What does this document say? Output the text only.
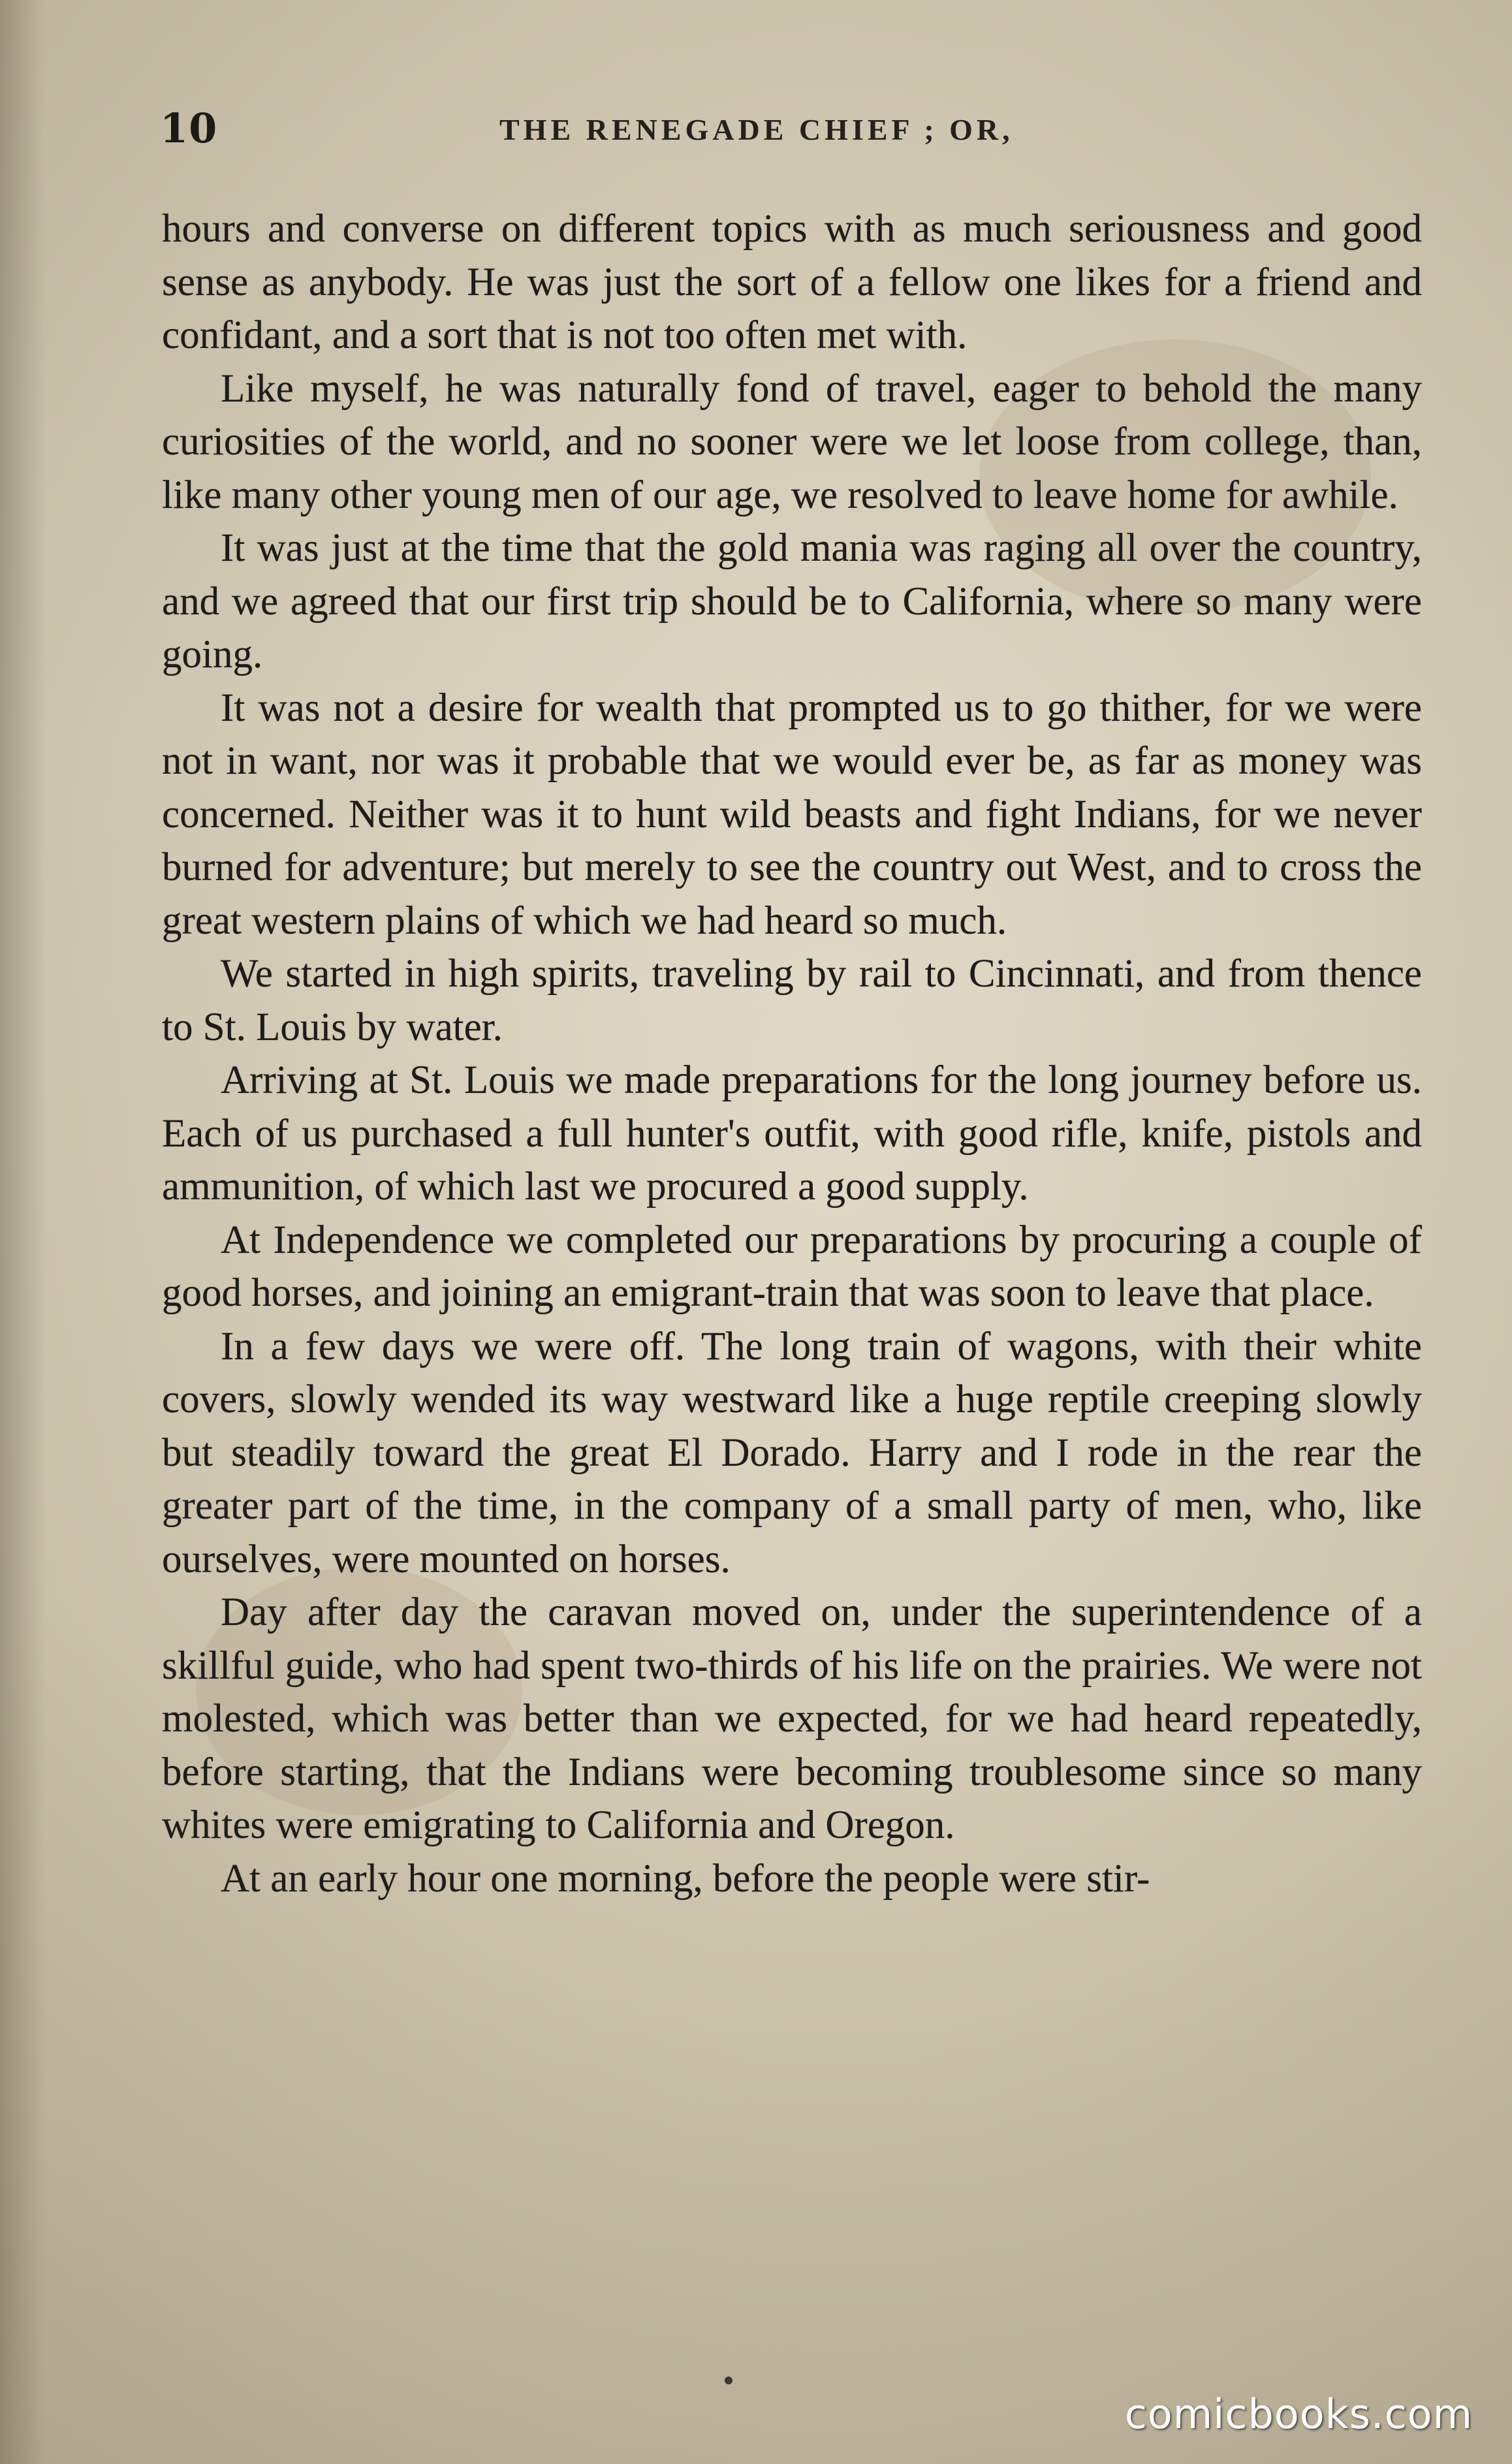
10	THE RENEGADE CHIEF ; OR,

hours and converse on different topics with as much seriousness and good sense as anybody. He was just the sort of a fellow one likes for a friend and confidant, and a sort that is not too often met with.

Like myself, he was naturally fond of travel, eager to behold the many curiosities of the world, and no sooner were we let loose from college, than, like many other young men of our age, we resolved to leave home for awhile.

It was just at the time that the gold mania was raging all over the country, and we agreed that our first trip should be to California, where so many were going.

It was not a desire for wealth that prompted us to go thither, for we were not in want, nor was it probable that we would ever be, as far as money was concerned. Neither was it to hunt wild beasts and fight Indians, for we never burned for adventure; but merely to see the country out West, and to cross the great western plains of which we had heard so much.

We started in high spirits, traveling by rail to Cincinnati, and from thence to St. Louis by water.

Arriving at St. Louis we made preparations for the long journey before us. Each of us purchased a full hunter's outfit, with good rifle, knife, pistols and ammunition, of which last we procured a good supply.

At Independence we completed our preparations by procuring a couple of good horses, and joining an emigrant-train that was soon to leave that place.

In a few days we were off. The long train of wagons, with their white covers, slowly wended its way westward like a huge reptile creeping slowly but steadily toward the great El Dorado. Harry and I rode in the rear the greater part of the time, in the company of a small party of men, who, like ourselves, were mounted on horses.

Day after day the caravan moved on, under the superintendence of a skillful guide, who had spent two-thirds of his life on the prairies. We were not molested, which was better than we expected, for we had heard repeatedly, before starting, that the Indians were becoming troublesome since so many whites were emigrating to California and Oregon.

At an early hour one morning, before the people were stir-

comicbooks.com
